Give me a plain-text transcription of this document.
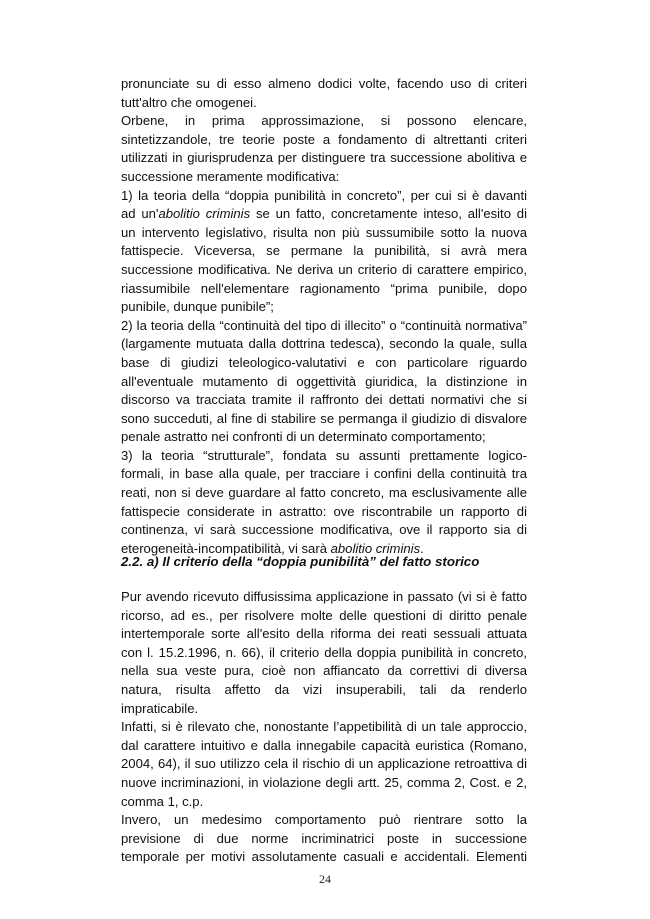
pronunciate su di esso almeno dodici volte, facendo uso di criteri

tutt'altro che omogenei.

Orbene, in prima approssimazione, si possono elencare,

sintetizzandole, tre teorie poste a fondamento di altrettanti criteri

utilizzati in giurisprudenza per distinguere tra successione abolitiva e

successione meramente modificativa:

1) la teoria della “doppia punibilità in concreto”, per cui si è davanti

ad un'abolitio criminis se un fatto, concretamente inteso, all'esito di

un intervento legislativo, risulta non più sussumibile sotto la nuova

fattispecie. Viceversa, se permane la punibilità, si avrà mera

successione modificativa. Ne deriva un criterio di carattere empirico,

riassumibile nell'elementare ragionamento “prima punibile, dopo

punibile, dunque punibile”;

2) la teoria della “continuità del tipo di illecito” o “continuità normativa”

(largamente mutuata dalla dottrina tedesca), secondo la quale, sulla

base di giudizi teleologico-valutativi e con particolare riguardo

all'eventuale mutamento di oggettività giuridica, la distinzione in

discorso va tracciata tramite il raffronto dei dettati normativi che si

sono succeduti, al fine di stabilire se permanga il giudizio di disvalore

penale astratto nei confronti di un determinato comportamento;

3) la teoria “strutturale”, fondata su assunti prettamente logico-

formali, in base alla quale, per tracciare i confini della continuità tra

reati, non si deve guardare al fatto concreto, ma esclusivamente alle

fattispecie considerate in astratto: ove riscontrabile un rapporto di

continenza, vi sarà successione modificativa, ove il rapporto sia di

eterogeneità-incompatibilità, vi sarà abolitio criminis.

2.2. a) Il criterio della “doppia punibilità” del fatto storico

Pur avendo ricevuto diffusissima applicazione in passato (vi si è fatto

ricorso, ad es., per risolvere molte delle questioni di diritto penale

intertemporale sorte all'esito della riforma dei reati sessuali attuata

con l. 15.2.1996, n. 66), il criterio della doppia punibilità in concreto,

nella sua veste pura, cioè non affiancato da correttivi di diversa

natura, risulta affetto da vizi insuperabili, tali da renderlo

impraticabile.

Infatti, si è rilevato che, nonostante l’appetibilità di un tale approccio,

dal carattere intuitivo e dalla innegabile capacità euristica (Romano,

2004, 64), il suo utilizzo cela il rischio di un applicazione retroattiva di

nuove incriminazioni, in violazione degli artt. 25, comma 2, Cost. e 2,

comma 1, c.p.

Invero, un medesimo comportamento può rientrare sotto la

previsione di due norme incriminatrici poste in successione

temporale per motivi assolutamente casuali e accidentali. Elementi

24
